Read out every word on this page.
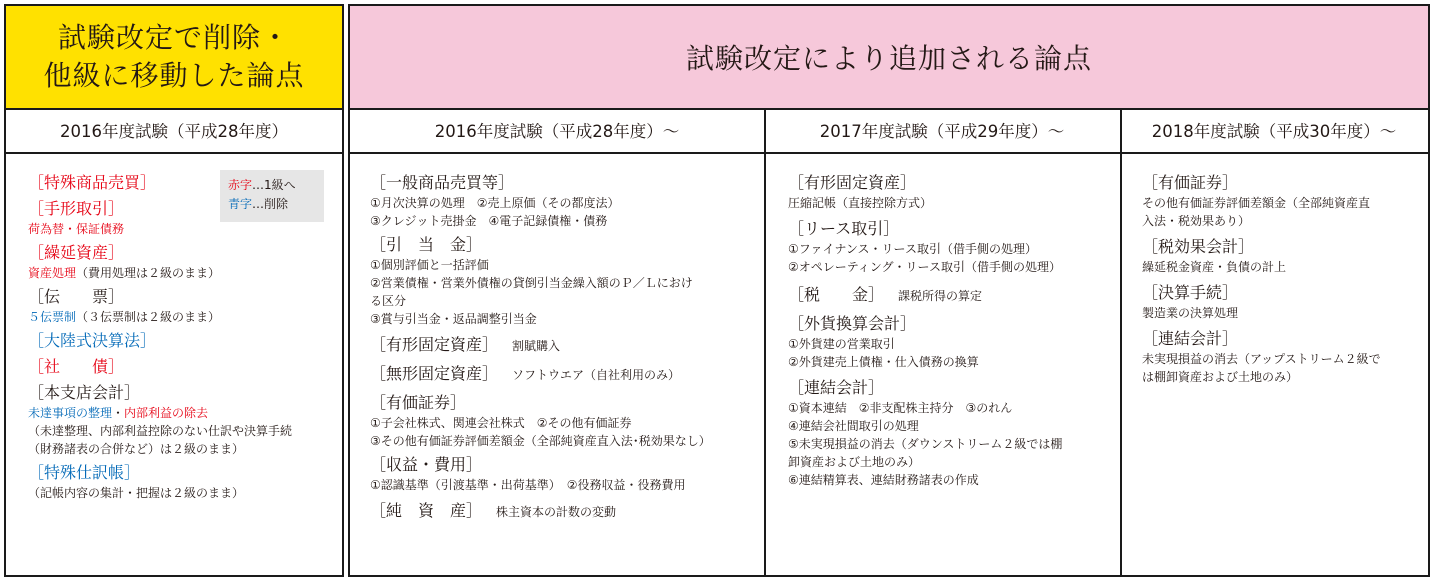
試験改定で削除・
他級に移動した論点
2016年度試験（平成28年度）
赤字…1級へ
青字…削除
［特殊商品売買］
［手形取引］
荷為替・保証債務
［繰延資産］
資産処理（費用処理は２級のまま）
［伝　　票］
５伝票制（３伝票制は２級のまま）
［大陸式決算法］
［社　　債］
［本支店会計］
未達事項の整理・内部利益の除去
（未達整理、内部利益控除のない仕訳や決算手続
（財務諸表の合併など）は２級のまま）
［特殊仕訳帳］
（記帳内容の集計・把握は２級のまま）
試験改定により追加される論点
2016年度試験（平成28年度）～	2017年度試験（平成29年度）～	2018年度試験（平成30年度）～
［一般商品売買等］
①月次決算の処理　②売上原価（その都度法）
③クレジット売掛金　④電子記録債権・債務
［引　当　金］
①個別評価と一括評価
②営業債権・営業外債権の貸倒引当金繰入額のＰ／Ｌにおけ
る区分
③賞与引当金・返品調整引当金
［有形固定資産］ 割賦購入
［無形固定資産］ ソフトウエア（自社利用のみ）
［有価証券］
①子会社株式、関連会社株式　②その他有価証券
③その他有価証券評価差額金（全部純資産直入法･税効果なし）
［収益・費用］
①認識基準（引渡基準・出荷基準）　②役務収益・役務費用
［純　資　産］ 株主資本の計数の変動
［有形固定資産］
圧縮記帳（直接控除方式）
［リース取引］
①ファイナンス・リース取引（借手側の処理）
②オペレーティング・リース取引（借手側の処理）
［税　　金］ 課税所得の算定
［外貨換算会計］
①外貨建の営業取引
②外貨建売上債権・仕入債務の換算
［連結会計］
①資本連結　②非支配株主持分　③のれん
④連結会社間取引の処理
⑤未実現損益の消去（ダウンストリーム２級では棚
卸資産および土地のみ）
⑥連結精算表、連結財務諸表の作成
［有価証券］
その他有価証券評価差額金（全部純資産直
入法・税効果あり）
［税効果会計］
繰延税金資産・負債の計上
［決算手続］
製造業の決算処理
［連結会計］
未実現損益の消去（アップストリーム２級で
は棚卸資産および土地のみ）
